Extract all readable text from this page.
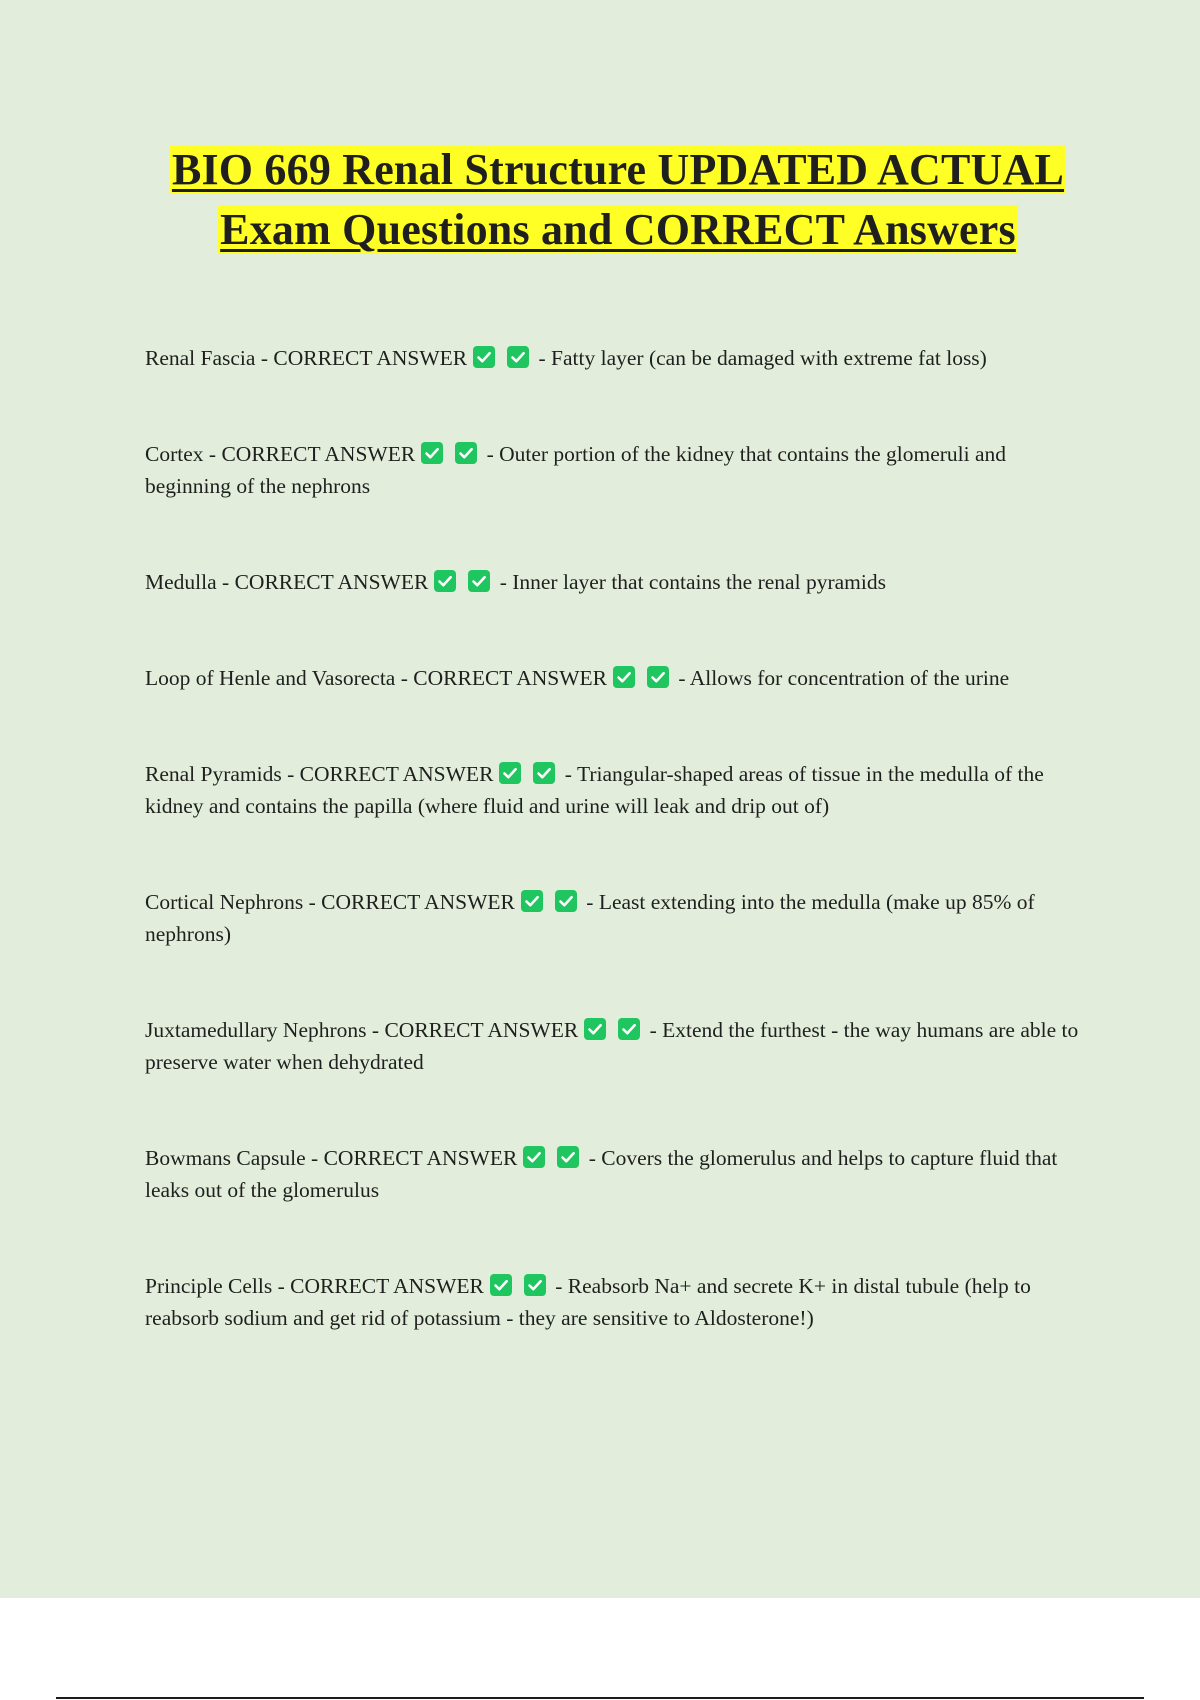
BIO 669 Renal Structure UPDATED ACTUAL Exam Questions and CORRECT Answers
Renal Fascia - CORRECT ANSWER	- Fatty layer (can be damaged with extreme fat loss)
Cortex - CORRECT ANSWER	- Outer portion of the kidney that contains the glomeruli and beginning of the nephrons
Medulla - CORRECT ANSWER	- Inner layer that contains the renal pyramids
Loop of Henle and Vasorecta - CORRECT ANSWER	- Allows for concentration of the urine
Renal Pyramids - CORRECT ANSWER	- Triangular-shaped areas of tissue in the medulla of the kidney and contains the papilla (where fluid and urine will leak and drip out of)
Cortical Nephrons - CORRECT ANSWER	- Least extending into the medulla (make up 85% of nephrons)
Juxtamedullary Nephrons - CORRECT ANSWER	- Extend the furthest - the way humans are able to preserve water when dehydrated
Bowmans Capsule - CORRECT ANSWER	- Covers the glomerulus and helps to capture fluid that leaks out of the glomerulus
Principle Cells - CORRECT ANSWER	- Reabsorb Na+ and secrete K+ in distal tubule (help to reabsorb sodium and get rid of potassium - they are sensitive to Aldosterone!)
